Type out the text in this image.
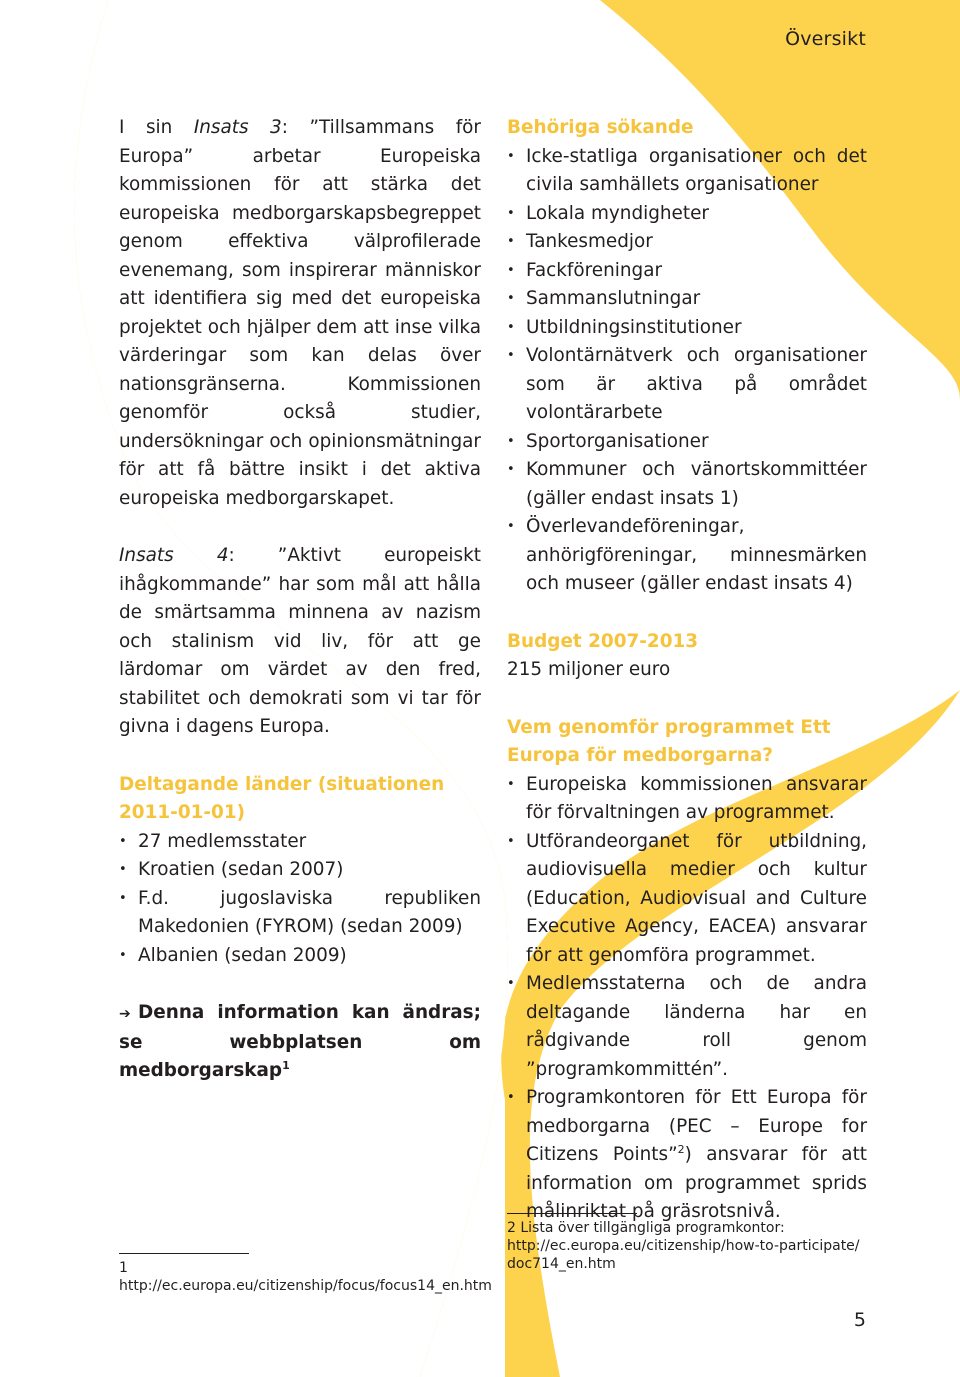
Översikt

I sin Insats 3: ”Tillsammans för Europa” arbetar Europeiska kommissionen för att stärka det europeiska medborgarskapsbegreppet genom effektiva välprofilerade evenemang, som inspirerar människor att identifiera sig med det europeiska projektet och hjälper dem att inse vilka värderingar som kan delas över nationsgränserna. Kommissionen genomför också studier, undersökningar och opinionsmätningar för att få bättre insikt i det aktiva europeiska medborgarskapet.

Insats 4: ”Aktivt europeiskt ihågkommande” har som mål att hålla de smärtsamma minnena av nazism och stalinism vid liv, för att ge lärdomar om värdet av den fred, stabilitet och demokrati som vi tar för givna i dagens Europa.

Deltagande länder (situationen 2011-01-01)
• 27 medlemsstater
• Kroatien (sedan 2007)
• F.d. jugoslaviska republiken Makedonien (FYROM) (sedan 2009)
• Albanien (sedan 2009)
➔ Denna information kan ändras; se webbplatsen om medborgarskap$^1$
Behöriga sökande
• Icke-statliga organisationer och det civila samhällets organisationer
• Lokala myndigheter
• Tankesmedjor
• Fackföreningar
• Sammanslutningar
• Utbildningsinstitutioner
• Volontärnätverk och organisationer som är aktiva på området volontärarbete
• Sportorganisationer
• Kommuner och vänortskommittéer (gäller endast insats 1)
• Överlevandeföreningar, anhörigföreningar, minnesmärken och museer (gäller endast insats 4)
Budget 2007-2013

215 miljoner euro

Vem genomför programmet Ett Europa för medborgarna?
• Europeiska kommissionen ansvarar för förvaltningen av programmet.
• Utförandeorganet för utbildning, audiovisuella medier och kultur (Education, Audiovisual and Culture Executive Agency, EACEA) ansvarar för att genomföra programmet.
• Medlemsstaterna och de andra deltagande länderna har en rådgivande roll genom ”programkommittén”.
• Programkontoren för Ett Europa för medborgarna (PEC – Europe for Citizens Points”$^2$) ansvarar för att information om programmet sprids målinriktat på gräsrotsnivå.
1 http://ec.europa.eu/citizenship/focus/focus14_en.htm
2 Lista över tillgängliga programkontor:
http://ec.europa.eu/citizenship/how-to-participate/
doc714_en.htm
5
